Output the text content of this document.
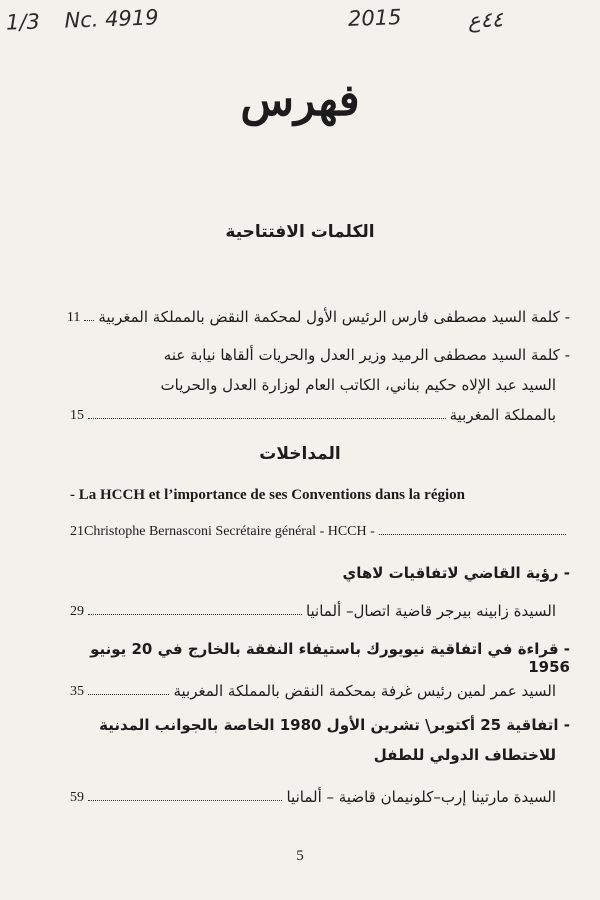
1/3 Nc. 4919	2015	٤٤ع
فهرس
الكلمات الافتتاحية
- كلمة السيد مصطفى فارس الرئيس الأول لمحكمة النقض بالمملكة المغربية
11
- كلمة السيد مصطفى الرميد وزير العدل والحريات ألقاها نيابة عنه
السيد عبد الإلاه حكيم بناني، الكاتب العام لوزارة العدل والحريات
بالمملكة المغربية
15
المداخلات
- La HCCH et l’importance de ses Conventions dans la région
21 Christophe Bernasconi Secrétaire général - HCCH -
- رؤية القاضي لاتفاقيات لاهاي
السيدة زابينه بيرجر قاضية اتصال– ألمانيا
29
- قراءة في اتفاقية نيويورك باستيفاء النفقة بالخارج في 20 يونيو 1956
السيد عمر لمين رئيس غرفة بمحكمة النقض بالمملكة المغربية
35
- اتفاقية 25 أكتوبر\ تشرين الأول 1980 الخاصة بالجوانب المدنية
للاختطاف الدولي للطفل
السيدة مارتينا إرب–كلونيمان قاضية – ألمانيا
59
5
